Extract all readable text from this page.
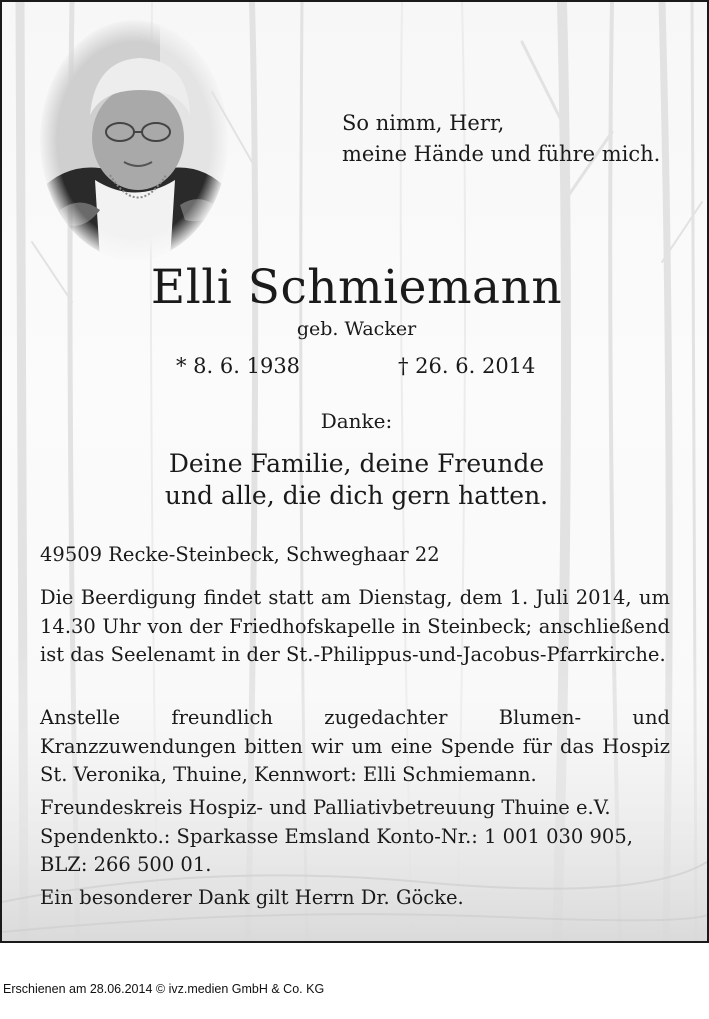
So nimm, Herr,
meine Hände und führe mich.
Elli Schmiemann
geb. Wacker
* 8. 6. 1938	† 26. 6. 2014
Danke:
Deine Familie, deine Freunde
und alle, die dich gern hatten.
49509 Recke-Steinbeck, Schweghaar 22

Die Beerdigung findet statt am Dienstag, dem 1. Juli 2014, um 14.30 Uhr von der Friedhofskapelle in Steinbeck; anschließend ist das Seelenamt in der St.-Philippus-und-Jacobus-Pfarrkirche.

Anstelle freundlich zugedachter Blumen- und Kranzzuwendungen bitten wir um eine Spende für das Hospiz St. Veronika, Thuine, Kennwort: Elli Schmiemann.

Freundeskreis Hospiz- und Palliativbetreuung Thuine e.V.
Spendenkto.: Sparkasse Emsland Konto-Nr.: 1 001 030 905,
BLZ: 266 500 01.

Ein besonderer Dank gilt Herrn Dr. Göcke.

Erschienen am 28.06.2014 © ivz.medien GmbH & Co. KG
